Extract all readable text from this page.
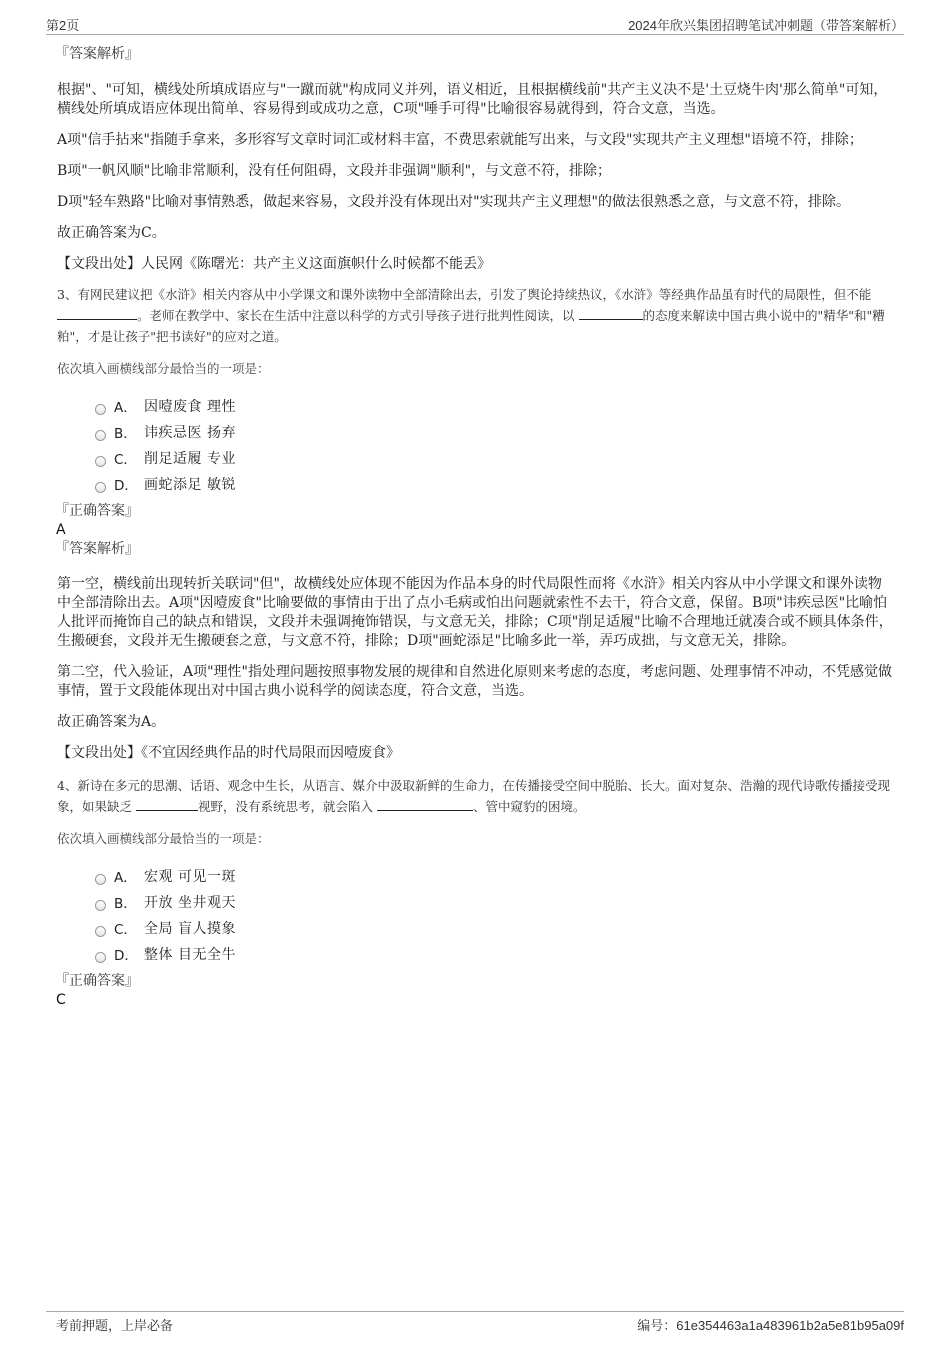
第2页	2024年欣兴集团招聘笔试冲刺题（带答案解析）

『答案解析』

根据"、"可知，横线处所填成语应与"一蹴而就"构成同义并列，语义相近，且根据横线前"共产主义决不是'土豆烧牛肉'那么简单"可知，横线处所填成语应体现出简单、容易得到或成功之意，C项"唾手可得"比喻很容易就得到，符合文意，当选。

A项"信手拈来"指随手拿来，多形容写文章时词汇或材料丰富，不费思索就能写出来，与文段"实现共产主义理想"语境不符，排除；

B项"一帆风顺"比喻非常顺利，没有任何阻碍，文段并非强调"顺利"，与文意不符，排除；

D项"轻车熟路"比喻对事情熟悉，做起来容易，文段并没有体现出对"实现共产主义理想"的做法很熟悉之意，与文意不符，排除。

故正确答案为C。

【文段出处】人民网《陈曙光：共产主义这面旗帜什么时候都不能丢》

3、有网民建议把《水浒》相关内容从中小学课文和课外读物中全部清除出去，引发了舆论持续热议，《水浒》等经典作品虽有时代的局限性，但不能 。老师在教学中、家长在生活中注意以科学的方式引导孩子进行批判性阅读，以	的态度来解读中国古典小说中的"精华"和"糟粕"，才是让孩子"把书读好"的应对之道。

依次填入画横线部分最恰当的一项是：

A． 因噎废食 理性
B． 讳疾忌医 扬弃
C． 削足适履 专业
D． 画蛇添足 敏锐

『正确答案』

A

『答案解析』

第一空，横线前出现转折关联词"但"，故横线处应体现不能因为作品本身的时代局限性而将《水浒》相关内容从中小学课文和课外读物中全部清除出去。A项"因噎废食"比喻要做的事情由于出了点小毛病或怕出问题就索性不去干，符合文意，保留。B项"讳疾忌医"比喻怕人批评而掩饰自己的缺点和错误，文段并未强调掩饰错误，与文意无关，排除；C项"削足适履"比喻不合理地迁就凑合或不顾具体条件，生搬硬套，文段并无生搬硬套之意，与文意不符，排除；D项"画蛇添足"比喻多此一举，弄巧成拙，与文意无关，排除。

第二空，代入验证，A项"理性"指处理问题按照事物发展的规律和自然进化原则来考虑的态度，考虑问题、处理事情不冲动，不凭感觉做事情，置于文段能体现出对中国古典小说科学的阅读态度，符合文意，当选。

故正确答案为A。

【文段出处】《不宜因经典作品的时代局限而因噎废食》

4、新诗在多元的思潮、话语、观念中生长，从语言、媒介中汲取新鲜的生命力，在传播接受空间中脱胎、长大。面对复杂、浩瀚的现代诗歌传播接受现象，如果缺乏	视野，没有系统思考，就会陷入	、管中窥豹的困境。

依次填入画横线部分最恰当的一项是：

A． 宏观 可见一斑
B． 开放 坐井观天
C． 全局 盲人摸象
D． 整体 目无全牛

『正确答案』

C

考前押题，上岸必备	编号：61e354463a1a483961b2a5e81b95a09f
